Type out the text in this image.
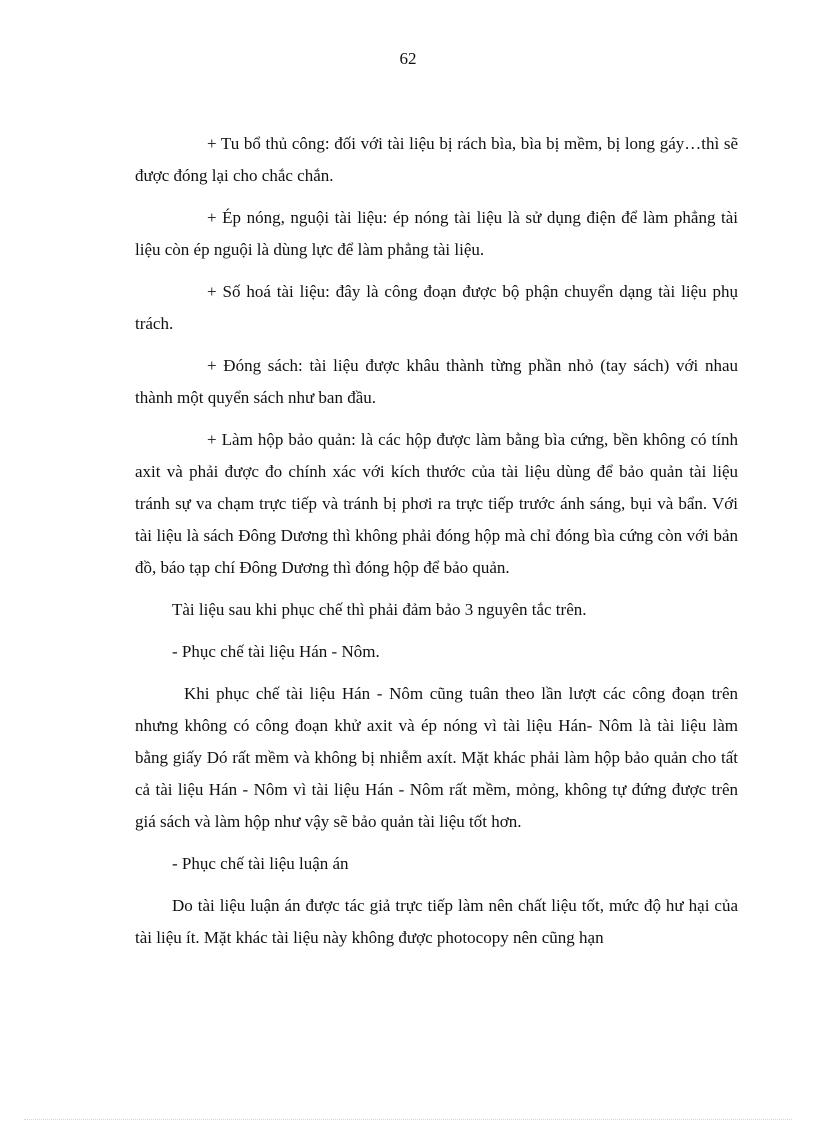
62

+ Tu bổ thủ công: đối với tài liệu bị rách bìa, bìa bị mềm, bị long gáy…thì sẽ được đóng lại cho chắc chắn.

+ Ép nóng, nguội tài liệu: ép nóng tài liệu là sử dụng điện để làm phẳng tài liệu còn ép nguội là dùng lực để làm phẳng tài liệu.

+ Số hoá tài liệu: đây là công đoạn được bộ phận chuyển dạng tài liệu phụ trách.

+ Đóng sách: tài liệu được khâu thành từng phần nhỏ (tay sách) với nhau thành một quyển sách như ban đầu.

+ Làm hộp bảo quản: là các hộp được làm bằng bìa cứng, bền không có tính axit và phải được đo chính xác với kích thước của tài liệu dùng để bảo quản tài liệu tránh sự va chạm trực tiếp và tránh bị phơi ra trực tiếp trước ánh sáng, bụi và bẩn. Với tài liệu là sách Đông Dương thì không phải đóng hộp mà chỉ đóng bìa cứng còn với bản đồ, báo tạp chí Đông Dương thì đóng hộp để bảo quản.

Tài liệu sau khi phục chế thì phải đảm bảo 3 nguyên tắc trên.

- Phục chế tài liệu Hán - Nôm.

Khi phục chế tài liệu Hán - Nôm cũng tuân theo lần lượt các công đoạn trên nhưng không có công đoạn khử axit và ép nóng vì tài liệu Hán- Nôm là tài liệu làm bằng giấy Dó rất mềm và không bị nhiễm axít. Mặt khác phải làm hộp bảo quản cho tất cả tài liệu Hán - Nôm vì tài liệu Hán - Nôm rất mềm, mỏng, không tự đứng được trên giá sách và làm hộp như vậy sẽ bảo quản tài liệu tốt hơn.

- Phục chế tài liệu luận án

Do tài liệu luận án được tác giả trực tiếp làm nên chất liệu tốt, mức độ hư hại của tài liệu ít. Mặt khác tài liệu này không được photocopy nên cũng hạn
